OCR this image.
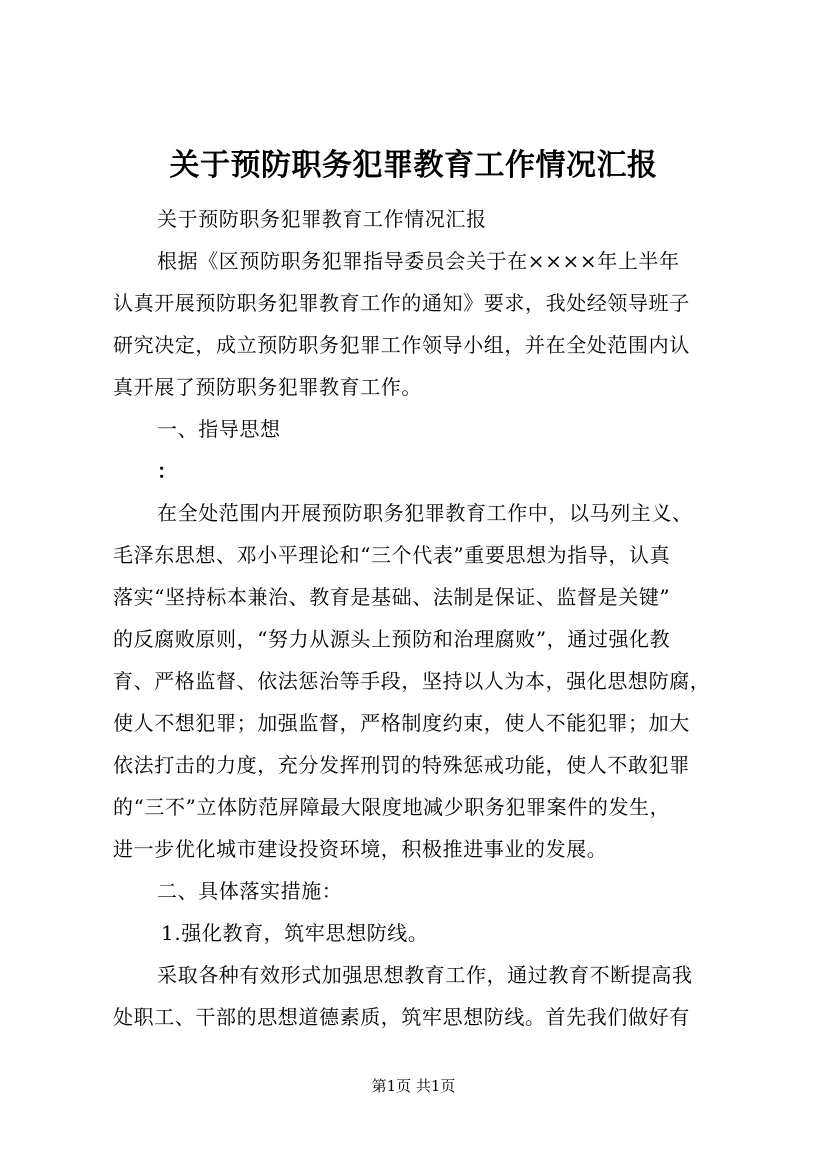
关于预防职务犯罪教育工作情况汇报
关于预防职务犯罪教育工作情况汇报
根据《区预防职务犯罪指导委员会关于在××××年上半年
认真开展预防职务犯罪教育工作的通知》要求，我处经领导班子
研究决定，成立预防职务犯罪工作领导小组，并在全处范围内认
真开展了预防职务犯罪教育工作。
一、指导思想
：
在全处范围内开展预防职务犯罪教育工作中，以马列主义、
毛泽东思想、邓小平理论和“三个代表”重要思想为指导，认真
落实“坚持标本兼治、教育是基础、法制是保证、监督是关键”
的反腐败原则，“努力从源头上预防和治理腐败”，通过强化教
育、严格监督、依法惩治等手段，坚持以人为本，强化思想防腐，
使人不想犯罪；加强监督，严格制度约束，使人不能犯罪；加大
依法打击的力度，充分发挥刑罚的特殊惩戒功能，使人不敢犯罪
的“三不”立体防范屏障最大限度地减少职务犯罪案件的发生，
进一步优化城市建设投资环境，积极推进事业的发展。
二、具体落实措施：
1.强化教育，筑牢思想防线。
采取各种有效形式加强思想教育工作，通过教育不断提高我
处职工、干部的思想道德素质，筑牢思想防线。首先我们做好有
第1页 共1页
